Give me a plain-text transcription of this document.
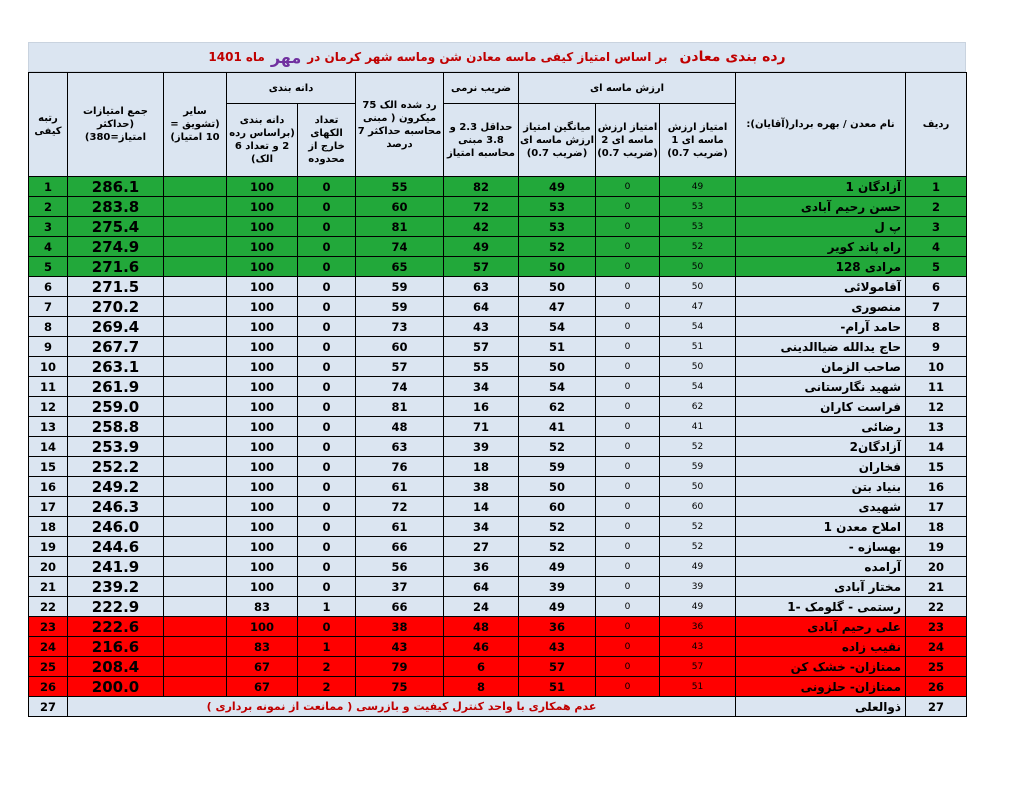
رده بندی معادن
بر اساس امتیاز کیفی ماسه معادن شن وماسه شهر کرمان در
مهر
ماه
1401
ردیف	نام معدن / بهره بردار(آقایان):	ارزش ماسه ای			ضریب نرمی	رد شده الک 75 میکرون ( مبنی محاسبه حداکثر 7 درصد	دانه بندی		سایر (تشویق = 10 امتیاز)	جمع امتیازات (حداکثر امتیاز=380)	رتبه کیفی
		امتیاز ارزش ماسه ای 1 (ضریب 0.7)	امتیاز ارزش ماسه ای 2 (ضریب 0.7)	میانگین امتیاز ارزش ماسه ای (ضریب 0.7)	حداقل 2.3 و 3.8 مبنی محاسبه امتیاز		تعداد الکهای خارج از محدوده	دانه بندی (براساس رده 2 و تعداد 6 الک)			
1	آزادگان 1	49	0	49	82	55	0	100		286.1	1
2	حسن رحیم آبادی	53	0	53	72	60	0	100		283.8	2
3	پ ل	53	0	53	42	81	0	100		275.4	3
4	راه پاند کویر	52	0	52	49	74	0	100		274.9	4
5	مرادی 128	50	0	50	57	65	0	100		271.6	5
6	آقامولائی	50	0	50	63	59	0	100		271.5	6
7	منصوری	47	0	47	64	59	0	100		270.2	7
8	حامد آرام-	54	0	54	43	73	0	100		269.4	8
9	حاج یدالله ضیاالدینی	51	0	51	57	60	0	100		267.7	9
10	صاحب الزمان	50	0	50	55	57	0	100		263.1	10
11	شهید نگارستانی	54	0	54	34	74	0	100		261.9	11
12	فراست کاران	62	0	62	16	81	0	100		259.0	12
13	رضائی	41	0	41	71	48	0	100		258.8	13
14	آزادگان2	52	0	52	39	63	0	100		253.9	14
15	فخاران	59	0	59	18	76	0	100		252.2	15
16	بنیاد بتن	50	0	50	38	61	0	100		249.2	16
17	شهیدی	60	0	60	14	72	0	100		246.3	17
18	املاح معدن 1	52	0	52	34	61	0	100		246.0	18
19	بهسازه -	52	0	52	27	66	0	100		244.6	19
20	آرامده	49	0	49	36	56	0	100		241.9	20
21	مختار آبادی	39	0	39	64	37	0	100		239.2	21
22	رستمی - گلومک -1	49	0	49	24	66	1	83		222.9	22
23	علی رحیم آبادی	36	0	36	48	38	0	100		222.6	23
24	نقیب زاده	43	0	43	46	43	1	83		216.6	24
25	ممتازان- خشک کن	57	0	57	6	79	2	67		208.4	25
26	ممتازان- حلزونی	51	0	51	8	75	2	67		200.0	26
27	ذوالعلی	عدم همکاری با واحد کنترل کیفیت و بازرسی ( ممانعت از نمونه برداری )									27
